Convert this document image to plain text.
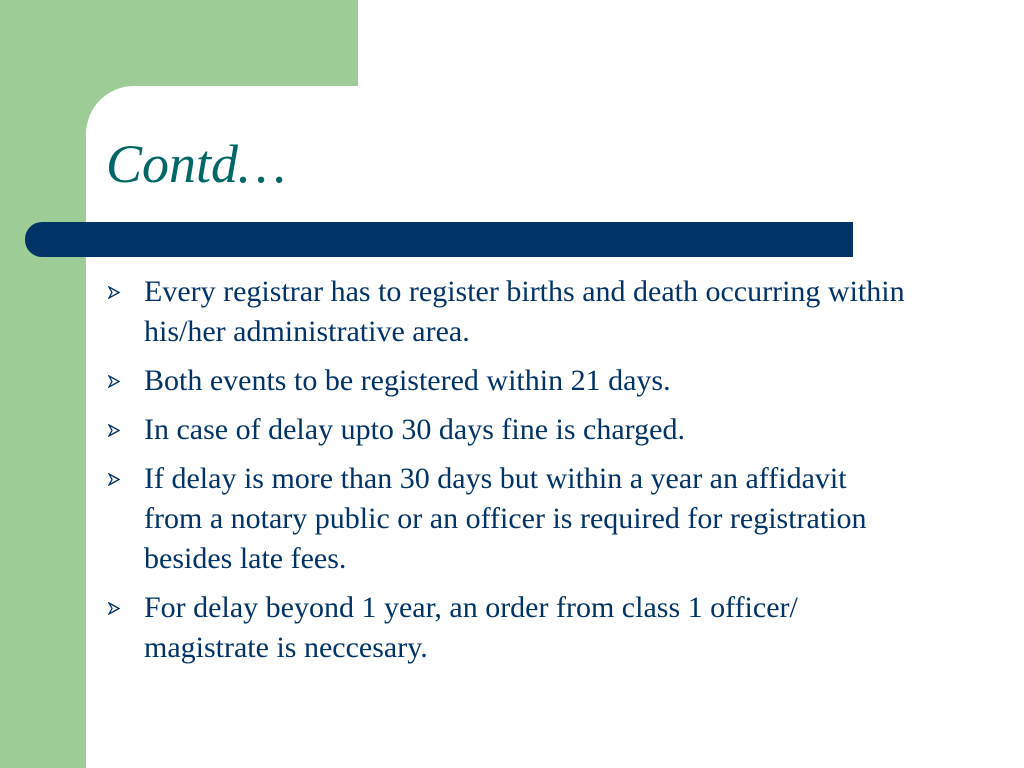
Contd…
Every registrar has to register births and death occurring within his/her administrative area.
Both events to be registered within 21 days.
In case of delay upto 30 days fine is charged.
If delay is more than 30 days but within a year an affidavit from a notary public or an officer is required for registration besides late fees.
For delay beyond 1 year, an order from class 1 officer/ magistrate is neccesary.
